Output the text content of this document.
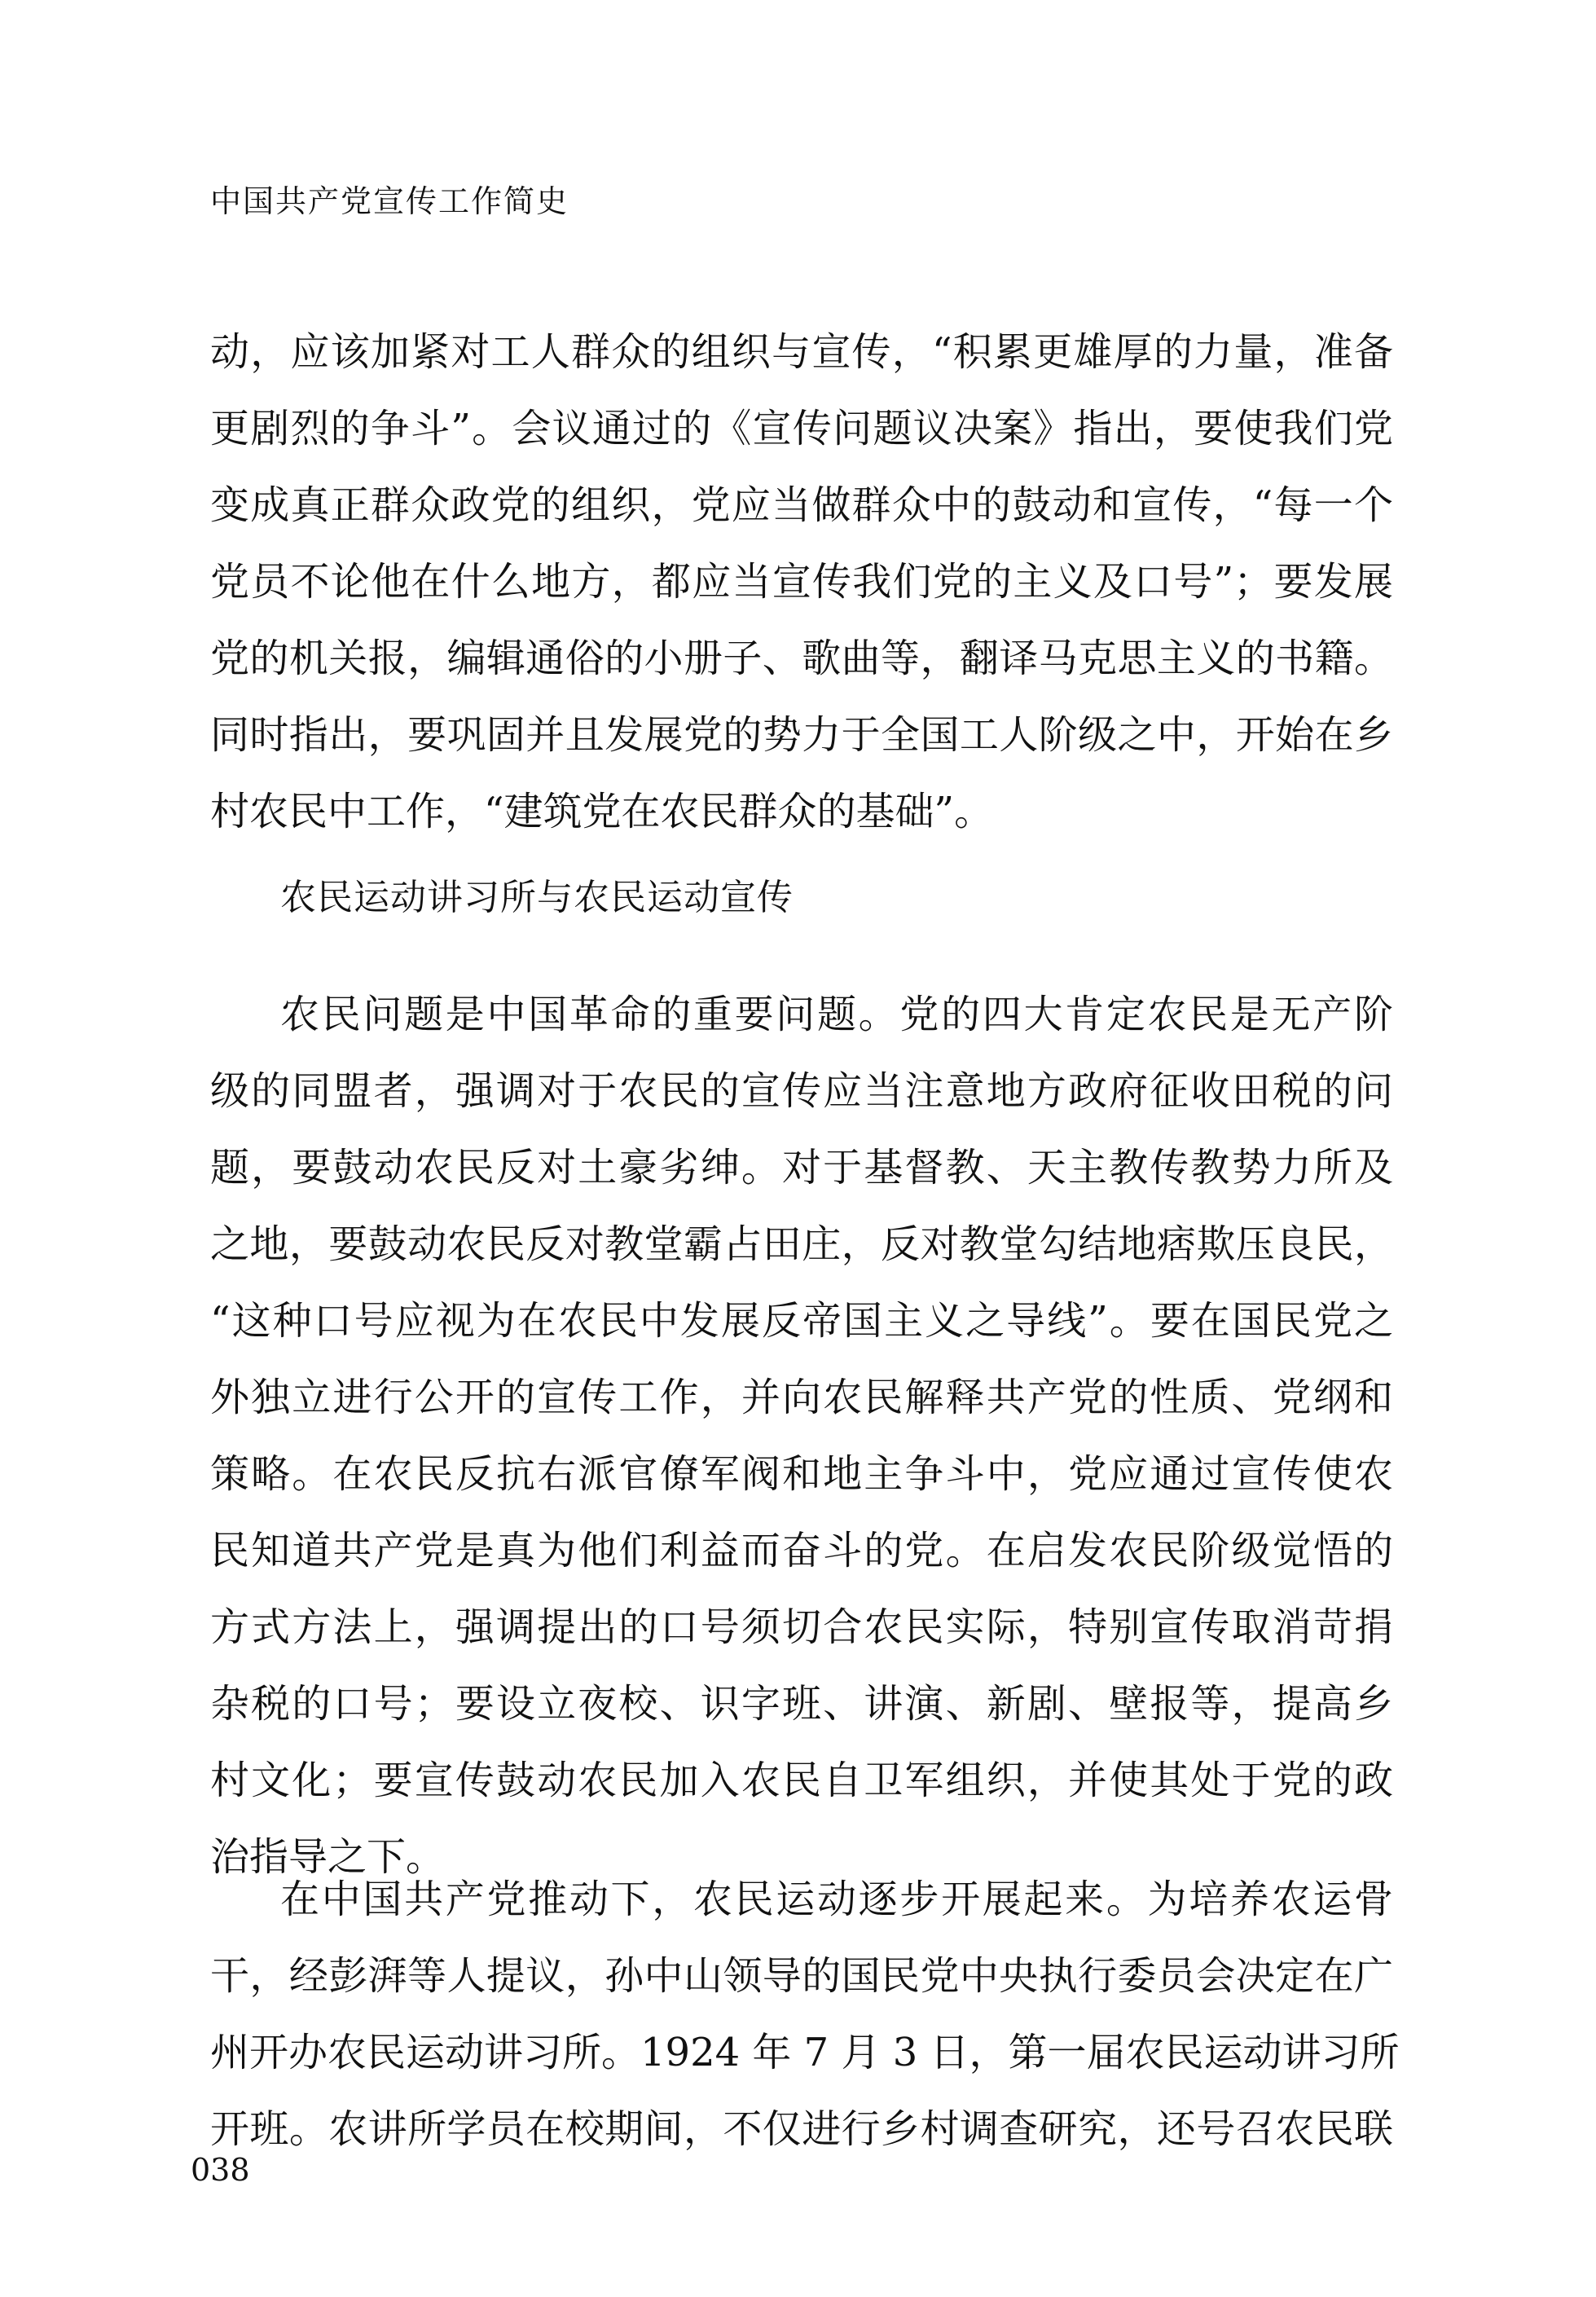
中国共产党宣传工作简史
动，应该加紧对工人群众的组织与宣传，“积累更雄厚的力量，准备
更剧烈的争斗”。会议通过的《宣传问题议决案》指出，要使我们党
变成真正群众政党的组织，党应当做群众中的鼓动和宣传，“每一个
党员不论他在什么地方，都应当宣传我们党的主义及口号”；要发展
党的机关报，编辑通俗的小册子、歌曲等，翻译马克思主义的书籍。
同时指出，要巩固并且发展党的势力于全国工人阶级之中，开始在乡
村农民中工作，“建筑党在农民群众的基础”。
农民运动讲习所与农民运动宣传
农民问题是中国革命的重要问题。党的四大肯定农民是无产阶
级的同盟者，强调对于农民的宣传应当注意地方政府征收田税的问
题，要鼓动农民反对土豪劣绅。对于基督教、天主教传教势力所及
之地，要鼓动农民反对教堂霸占田庄，反对教堂勾结地痞欺压良民，
“这种口号应视为在农民中发展反帝国主义之导线”。要在国民党之
外独立进行公开的宣传工作，并向农民解释共产党的性质、党纲和
策略。在农民反抗右派官僚军阀和地主争斗中，党应通过宣传使农
民知道共产党是真为他们利益而奋斗的党。在启发农民阶级觉悟的
方式方法上，强调提出的口号须切合农民实际，特别宣传取消苛捐
杂税的口号；要设立夜校、识字班、讲演、新剧、壁报等，提高乡
村文化；要宣传鼓动农民加入农民自卫军组织，并使其处于党的政
治指导之下。
在中国共产党推动下，农民运动逐步开展起来。为培养农运骨
干，经彭湃等人提议，孙中山领导的国民党中央执行委员会决定在广
州开办农民运动讲习所。1924 年 7 月 3 日，第一届农民运动讲习所
开班。农讲所学员在校期间，不仅进行乡村调查研究，还号召农民联
038
